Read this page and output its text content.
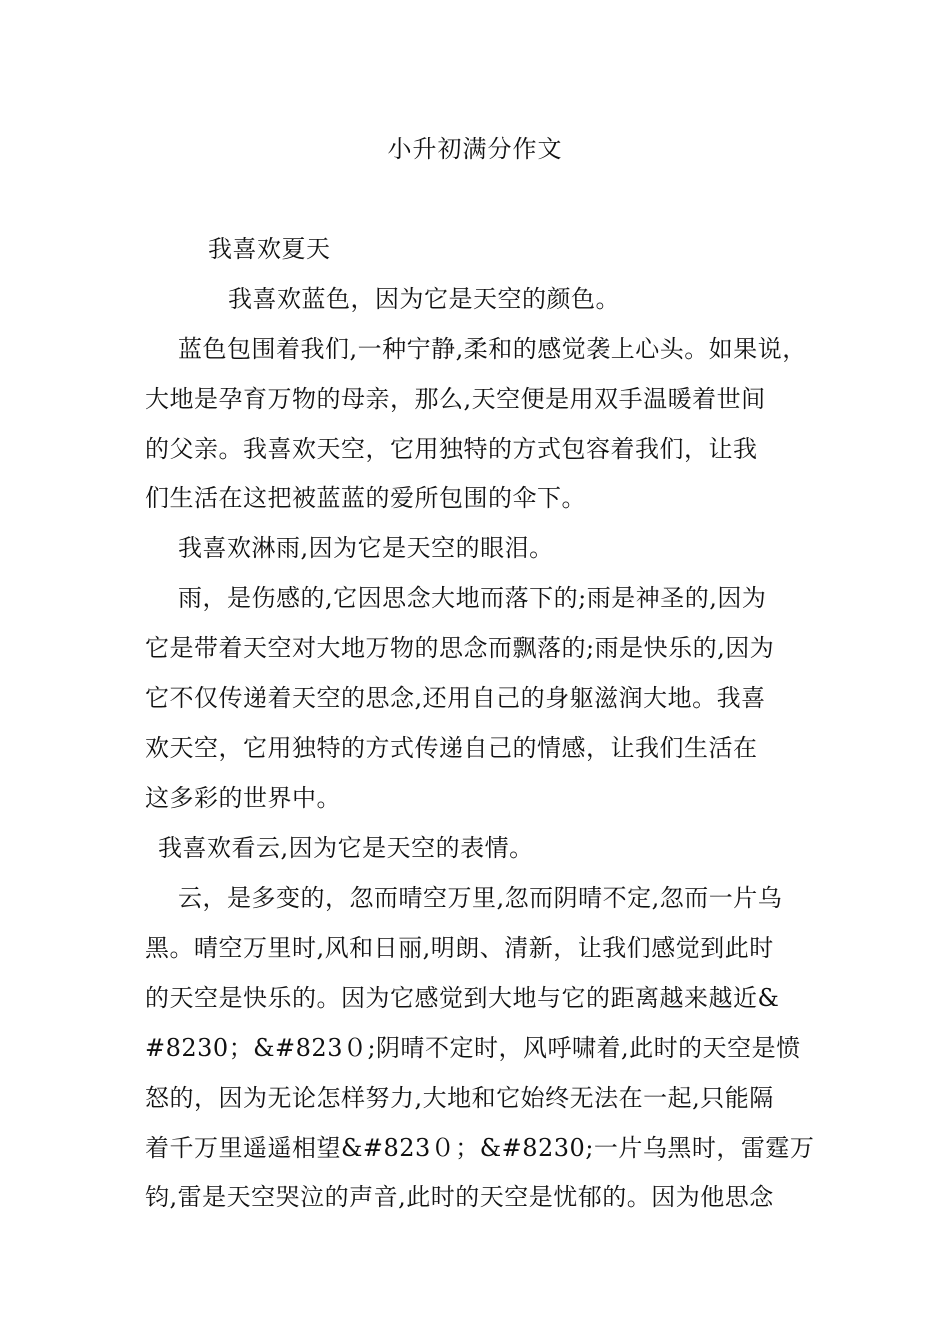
小升初满分作文
我喜欢夏天
我喜欢蓝色，因为它是天空的颜色。
蓝色包围着我们,一种宁静,柔和的感觉袭上心头。如果说，
大地是孕育万物的母亲，那么,天空便是用双手温暖着世间
的父亲。我喜欢天空，它用独特的方式包容着我们，让我
们生活在这把被蓝蓝的爱所包围的伞下。
我喜欢淋雨,因为它是天空的眼泪。
雨，是伤感的,它因思念大地而落下的;雨是神圣的,因为
它是带着天空对大地万物的思念而飘落的;雨是快乐的,因为
它不仅传递着天空的思念,还用自己的身躯滋润大地。我喜
欢天空，它用独特的方式传递自己的情感，让我们生活在
这多彩的世界中。
我喜欢看云,因为它是天空的表情。
云，是多变的，忽而晴空万里,忽而阴晴不定,忽而一片乌
黑。晴空万里时,风和日丽,明朗、清新，让我们感觉到此时
的天空是快乐的。因为它感觉到大地与它的距离越来越近&
#8230；&#823０;阴晴不定时，风呼啸着,此时的天空是愤
怒的，因为无论怎样努力,大地和它始终无法在一起,只能隔
着千万里遥遥相望&#823０；&#8230;一片乌黑时，雷霆万
钧,雷是天空哭泣的声音,此时的天空是忧郁的。因为他思念
